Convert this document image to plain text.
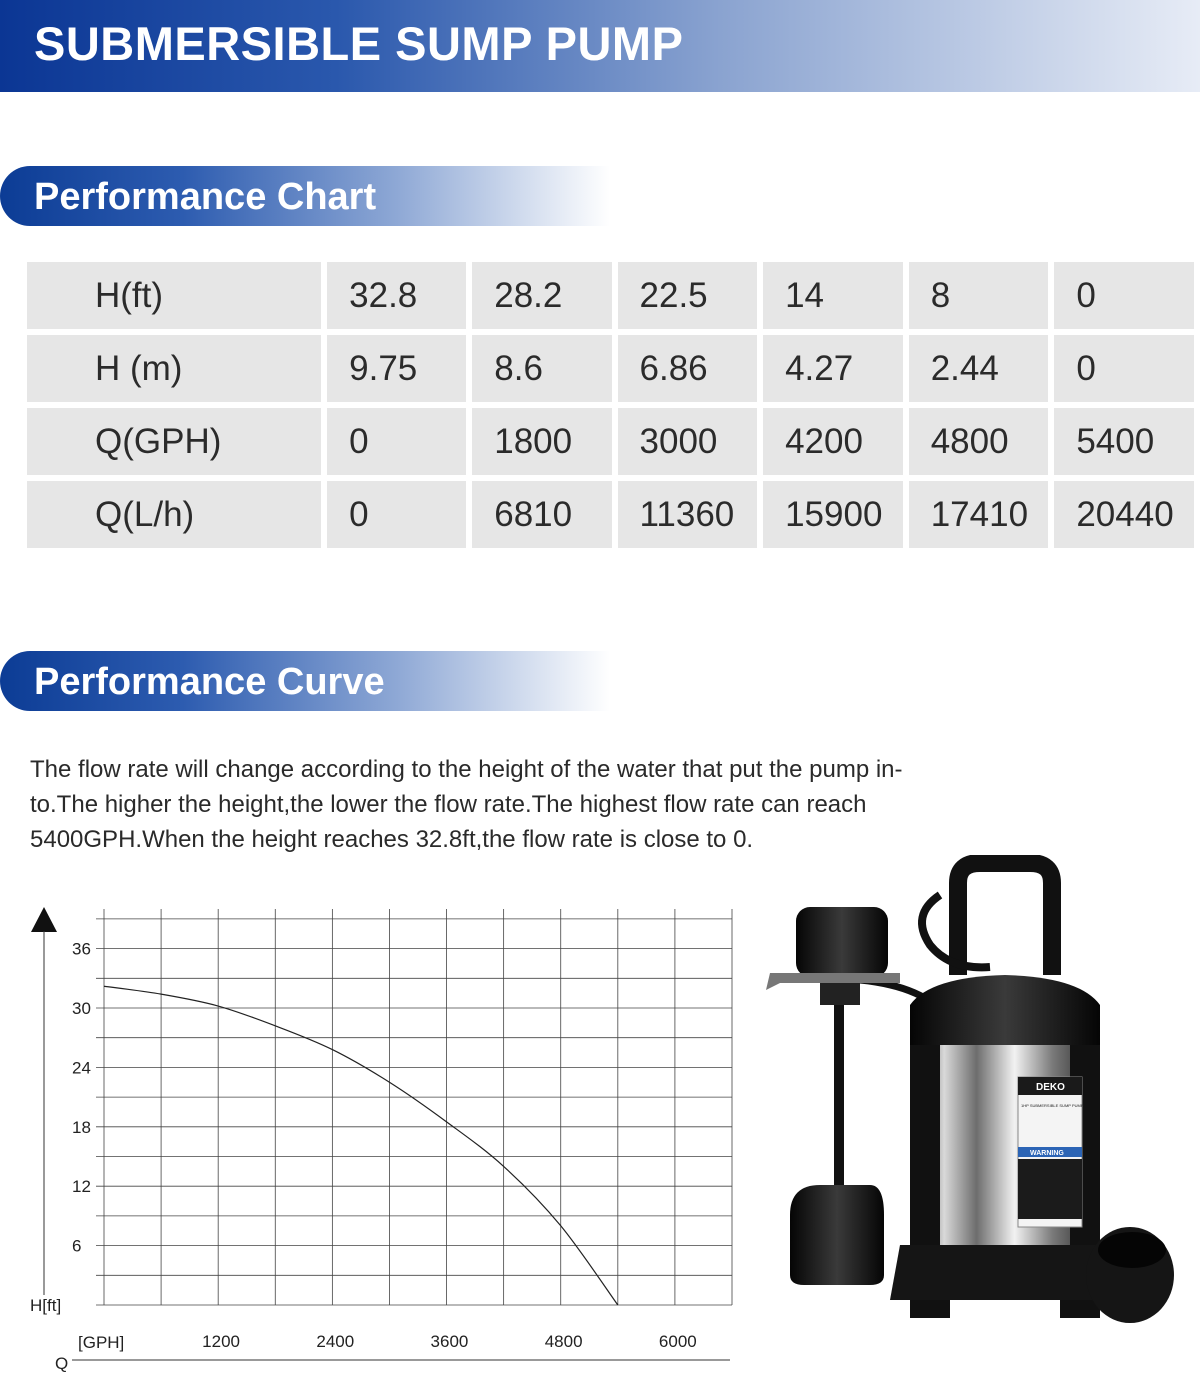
SUBMERSIBLE SUMP PUMP
Performance Chart
H(ft)	32.8	28.2	22.5	14	8	0
H (m)	9.75	8.6	6.86	4.27	2.44	0
Q(GPH)	0	1800	3000	4200	4800	5400
Q(L/h)	0	6810	11360	15900	17410	20440
Performance Curve
The flow rate will change according to the height of the water that put the pump in-
to.The higher the height,the lower the flow rate.The highest flow rate can reach
5400GPH.When the height reaches 32.8ft,the flow rate is close to 0.
6
12
18
24
30
36
1200	2400	3600	4800	6000
H[ft]
[GPH]
Q
DEKO
1HP SUBMERSIBLE SUMP PUMP
WARNING
